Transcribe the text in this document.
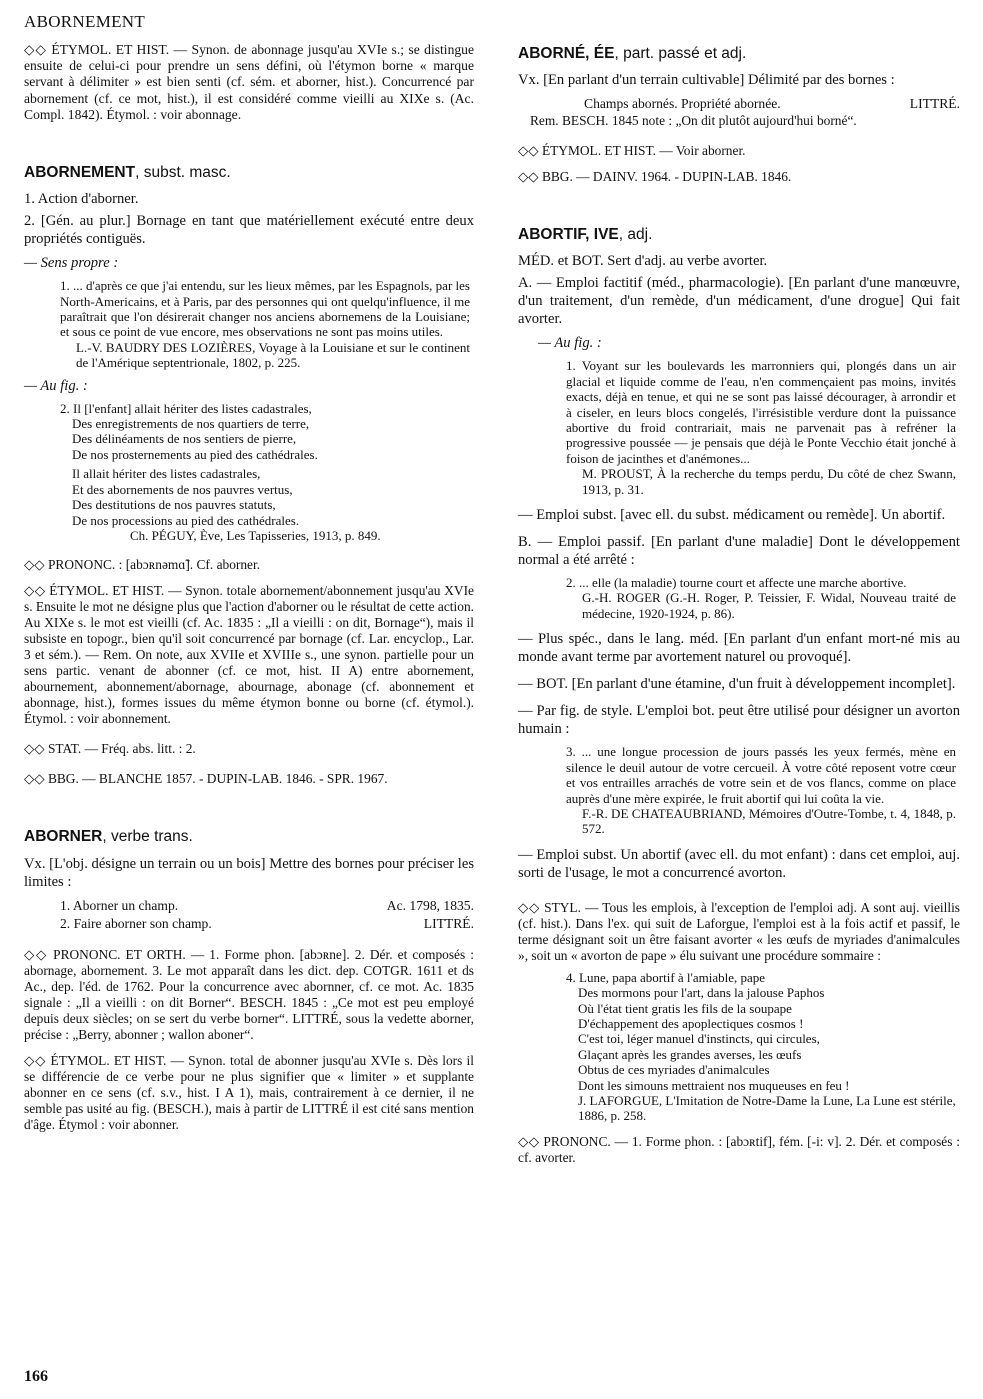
ABORNEMENT

◇◇ ÉTYMOL. ET HIST. — Synon. de abonnage jusqu'au XVIe s.; se distingue ensuite de celui-ci pour prendre un sens défini, où l'étymon borne « marque servant à délimiter » est bien senti (cf. sém. et aborner, hist.). Concurrencé par abornement (cf. ce mot, hist.), il est considéré comme vieilli au XIXe s. (Ac. Compl. 1842). Étymol. : voir abonnage.

ABORNEMENT, subst. masc.

1. Action d'aborner.

2. [Gén. au plur.] Bornage en tant que matériellement exécuté entre deux propriétés contiguës.

— Sens propre :

1. ... d'après ce que j'ai entendu, sur les lieux mêmes, par les Espagnols, par les North-Americains, et à Paris, par des personnes qui ont quelqu'influence, il me paraîtrait que l'on désirerait changer nos anciens abornemens de la Louisiane; et sous ce point de vue encore, mes observations ne sont pas moins utiles.

L.-V. BAUDRY DES LOZIÈRES, Voyage à la Louisiane et sur le continent de l'Amérique septentrionale, 1802, p. 225.

— Au fig. :

2. Il [l'enfant] allait hériter des listes cadastrales,
Des enregistrements de nos quartiers de terre,
Des délinéaments de nos sentiers de pierre,
De nos prosternements au pied des cathédrales.
Il allait hériter des listes cadastrales,
Et des abornements de nos pauvres vertus,
Des destitutions de nos pauvres statuts,
De nos processions au pied des cathédrales.
Ch. PÉGUY, Ève, Les Tapisseries, 1913, p. 849.

◇◇ PRONONC. : [abɔʀnəmɑ̃]. Cf. aborner.

◇◇ ÉTYMOL. ET HIST. — Synon. totale abornement/abonnement jusqu'au XVIe s. Ensuite le mot ne désigne plus que l'action d'aborner ou le résultat de cette action. Au XIXe s. le mot est vieilli (cf. Ac. 1835 : „Il a vieilli : on dit, Bornage“), mais il subsiste en topogr., bien qu'il soit concurrencé par bornage (cf. Lar. encyclop., Lar. 3 et sém.). — Rem. On note, aux XVIIe et XVIIIe s., une synon. partielle pour un sens partic. venant de abonner (cf. ce mot, hist. II A) entre abornement, abournement, abonnement/abornage, abournage, abonage (cf. abonnement et abonnage, hist.), formes issues du même étymon bonne ou borne (cf. étymol.). Étymol. : voir abonnement.

◇◇ STAT. — Fréq. abs. litt. : 2.

◇◇ BBG. — BLANCHE 1857. - DUPIN-LAB. 1846. - SPR. 1967.

ABORNER, verbe trans.

Vx. [L'obj. désigne un terrain ou un bois] Mettre des bornes pour préciser les limites :

1. Aborner un champ.	Ac. 1798, 1835.
2. Faire aborner son champ.	LITTRÉ.

◇◇ PRONONC. ET ORTH. — 1. Forme phon. [abɔʀne]. 2. Dér. et composés : abornage, abornement. 3. Le mot apparaît dans les dict. dep. COTGR. 1611 et ds Ac., dep. l'éd. de 1762. Pour la concurrence avec abornner, cf. ce mot. Ac. 1835 signale : „Il a vieilli : on dit Borner“. BESCH. 1845 : „Ce mot est peu employé depuis deux siècles; on se sert du verbe borner“. LITTRÉ, sous la vedette aborner, précise : „Berry, abonner ; wallon aboner“.

◇◇ ÉTYMOL. ET HIST. — Synon. total de abonner jusqu'au XVIe s. Dès lors il se différencie de ce verbe pour ne plus signifier que « limiter » et supplante abonner en ce sens (cf. s.v., hist. I A 1), mais, contrairement à ce dernier, il ne semble pas usité au fig. (BESCH.), mais à partir de LITTRÉ il est cité sans mention d'âge. Étymol : voir abonner.

ABORNÉ, ÉE, part. passé et adj.

Vx. [En parlant d'un terrain cultivable] Délimité par des bornes :

Champs abornés. Propriété abornée.	LITTRÉ.

Rem. BESCH. 1845 note : „On dit plutôt aujourd'hui borné“.

◇◇ ÉTYMOL. ET HIST. — Voir aborner.

◇◇ BBG. — DAINV. 1964. - DUPIN-LAB. 1846.

ABORTIF, IVE, adj.

MÉD. et BOT. Sert d'adj. au verbe avorter.

A. — Emploi factitif (méd., pharmacologie). [En parlant d'une manœuvre, d'un traitement, d'un remède, d'un médicament, d'une drogue] Qui fait avorter.

— Au fig. :

1. Voyant sur les boulevards les marronniers qui, plongés dans un air glacial et liquide comme de l'eau, n'en commençaient pas moins, invités exacts, déjà en tenue, et qui ne se sont pas laissé décourager, à arrondir et à ciseler, en leurs blocs congelés, l'irrésistible verdure dont la puissance abortive du froid contrariait, mais ne parvenait pas à refréner la progressive poussée — je pensais que déjà le Ponte Vecchio était jonché à foison de jacinthes et d'anémones...

M. PROUST, À la recherche du temps perdu, Du côté de chez Swann, 1913, p. 31.

— Emploi subst. [avec ell. du subst. médicament ou remède]. Un abortif.

B. — Emploi passif. [En parlant d'une maladie] Dont le développement normal a été arrêté :

2. ... elle (la maladie) tourne court et affecte une marche abortive.

G.-H. ROGER (G.-H. Roger, P. Teissier, F. Widal, Nouveau traité de médecine, 1920-1924, p. 86).

— Plus spéc., dans le lang. méd. [En parlant d'un enfant mort-né mis au monde avant terme par avortement naturel ou provoqué].

— BOT. [En parlant d'une étamine, d'un fruit à développement incomplet].

— Par fig. de style. L'emploi bot. peut être utilisé pour désigner un avorton humain :

3. ... une longue procession de jours passés les yeux fermés, mène en silence le deuil autour de votre cercueil. À votre côté reposent votre cœur et vos entrailles arrachés de votre sein et de vos flancs, comme on place auprès d'une mère expirée, le fruit abortif qui lui coûta la vie.

F.-R. DE CHATEAUBRIAND, Mémoires d'Outre-Tombe, t. 4, 1848, p. 572.

— Emploi subst. Un abortif (avec ell. du mot enfant) : dans cet emploi, auj. sorti de l'usage, le mot a concurrencé avorton.

◇◇ STYL. — Tous les emplois, à l'exception de l'emploi adj. A sont auj. vieillis (cf. hist.). Dans l'ex. qui suit de Laforgue, l'emploi est à la fois actif et passif, le terme désignant soit un être faisant avorter « les œufs de myriades d'animalcules », soit un « avorton de pape » élu suivant une procédure sommaire :

4. Lune, papa abortif à l'amiable, pape
Des mormons pour l'art, dans la jalouse Paphos
Où l'état tient gratis les fils de la soupape
D'échappement des apoplectiques cosmos !
C'est toi, léger manuel d'instincts, qui circules,
Glaçant après les grandes averses, les œufs
Obtus de ces myriades d'animalcules
Dont les simouns mettraient nos muqueuses en feu !
J. LAFORGUE, L'Imitation de Notre-Dame la Lune, La Lune est stérile, 1886, p. 258.

◇◇ PRONONC. — 1. Forme phon. : [abɔʀtif], fém. [-i: v]. 2. Dér. et composés : cf. avorter.

166
